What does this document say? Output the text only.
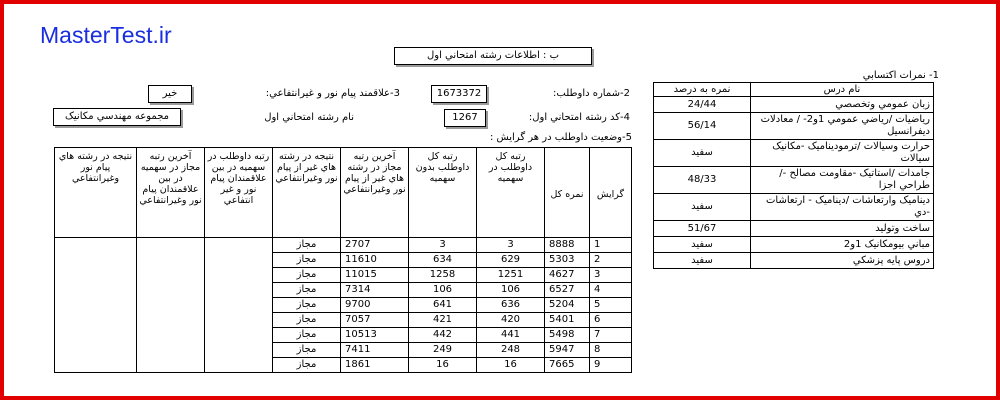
MasterTest.ir
ب : اطلاعات رشته امتحاني اول
2-شماره داوطلب:
1673372
3-علاقمند پيام نور و غيرانتفاعي:
خير
4-کد رشته امتحاني اول:
1267
نام رشته امتحاني اول
مجموعه مهندسي مکانيک
5-وضعيت داوطلب در هر گرايش :
گرايش	نمره کل	رتبه کل داوطلب در سهميه	رتبه کل داوطلب بدون سهميه	آخرين رتبه مجاز در رشته هاي غير از پيام نور وغيرانتفاعي	نتيجه در رشته هاي غير از پيام نور وغيرانتفاعي	رتبه داوطلب در سهميه در بين علاقمندان پيام نور و غير انتفاعي	آخرين رتبه مجاز در سهميه در بين علاقمندان پيام نور وغيرانتفاعي	نتيجه در رشته هاي پيام نور وغيرانتفاعي
1	8888	3	3	2707	مجاز			
2	5303	629	634	11610	مجاز			
3	4627	1251	1258	11015	مجاز			
4	6527	106	106	7314	مجاز			
5	5204	636	641	9700	مجاز			
6	5401	420	421	7057	مجاز			
7	5498	441	442	10513	مجاز			
8	5947	248	249	7411	مجاز			
9	7665	16	16	1861	مجاز			
1- نمرات اکتسابي
نام درس	نمره به درصد
زبان عمومي وتخصصي	24/44
رياضيات /رياضي عمومي 1و2- / معادلات ديفرانسيل	56/14
حرارت وسيالات /ترموديناميک -مکانيک سيالات	سفيد
جامدات /استاتيک -مقاومت مصالح -/طراحي اجزا	48/33
ديناميک وارتعاشات /ديناميک - ارتعاشات -دي	سفيد
ساخت وتوليد	51/67
مباني بيومکانيک 1و2	سفيد
دروس پايه پزشکي	سفيد
